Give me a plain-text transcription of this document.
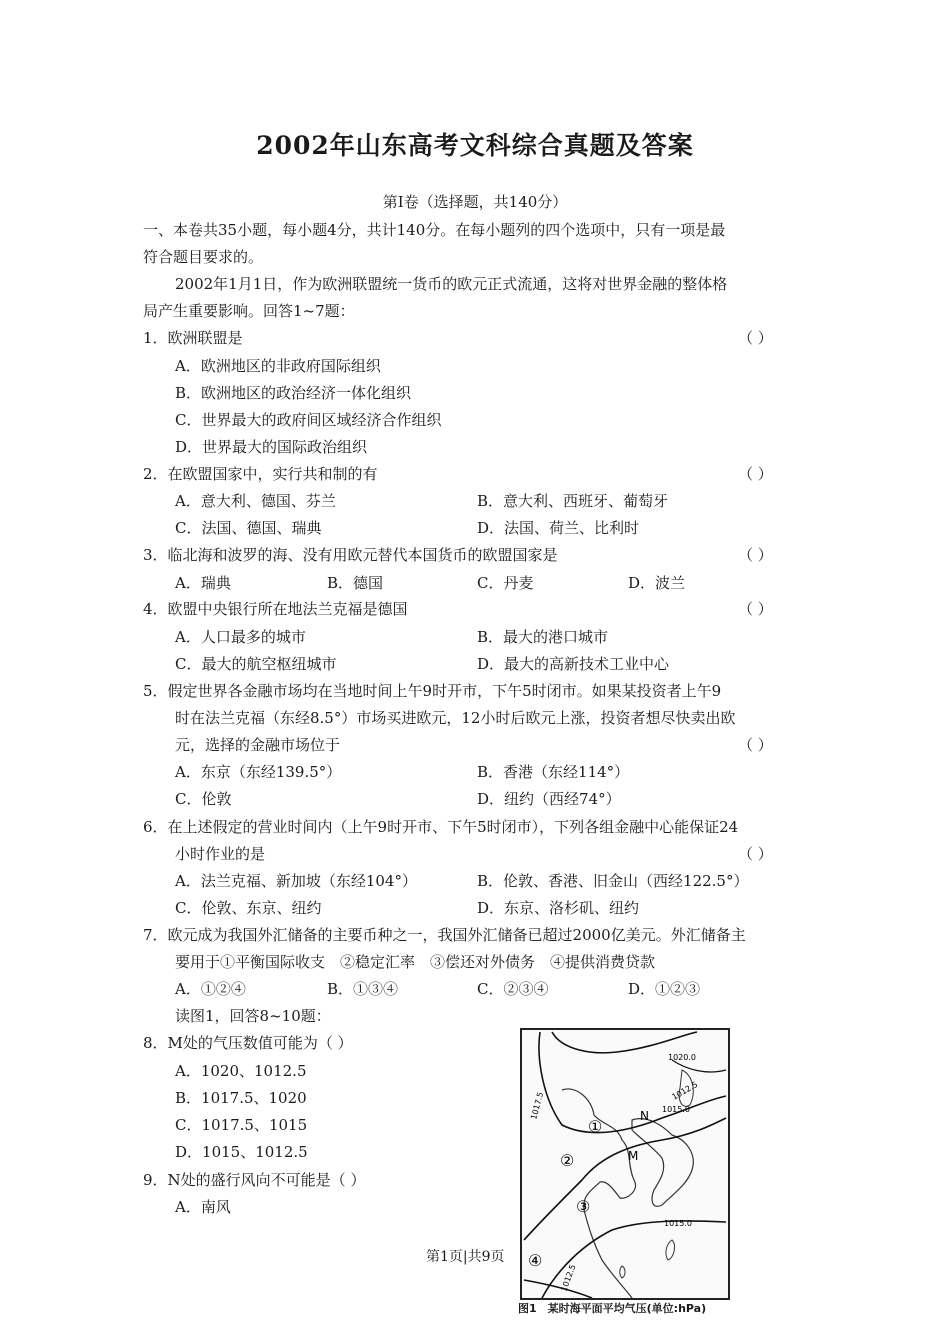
2002年山东高考文科综合真题及答案
第Ⅰ卷（选择题，共140分）
一、本卷共35小题，每小题4分，共计140分。在每小题列的四个选项中，只有一项是最
符合题目要求的。
2002年1月1日，作为欧洲联盟统一货币的欧元正式流通，这将对世界金融的整体格
局产生重要影响。回答1~7题：
1．欧洲联盟是	（ ）
A．欧洲地区的非政府国际组织
B．欧洲地区的政治经济一体化组织
C．世界最大的政府间区域经济合作组织
D．世界最大的国际政治组织
2．在欧盟国家中，实行共和制的有	（ ）
A．意大利、德国、芬兰	B．意大利、西班牙、葡萄牙
C．法国、德国、瑞典	D．法国、荷兰、比利时
3．临北海和波罗的海、没有用欧元替代本国货币的欧盟国家是	（ ）
A．瑞典	B．德国	C．丹麦	D．波兰
4．欧盟中央银行所在地法兰克福是德国	（ ）
A．人口最多的城市	B．最大的港口城市
C．最大的航空枢纽城市	D．最大的高新技术工业中心
5．假定世界各金融市场均在当地时间上午9时开市，下午5时闭市。如果某投资者上午9
时在法兰克福（东经8.5°）市场买进欧元，12小时后欧元上涨，投资者想尽快卖出欧
元，选择的金融市场位于	（ ）
A．东京（东经139.5°）	B．香港（东经114°）
C．伦敦	D．纽约（西经74°）
6．在上述假定的营业时间内（上午9时开市、下午5时闭市），下列各组金融中心能保证24
小时作业的是	（ ）
A．法兰克福、新加坡（东经104°）	B．伦敦、香港、旧金山（西经122.5°）
C．伦敦、东京、纽约	D．东京、洛杉矶、纽约
7．欧元成为我国外汇储备的主要币种之一，我国外汇储备已超过2000亿美元。外汇储备主
要用于①平衡国际收支　②稳定汇率　③偿还对外债务　④提供消费贷款
A．①②④	B．①③④	C．②③④	D．①②③
读图1，回答8~10题：
8．M处的气压数值可能为（ ）
A．1020、1012.5
B．1017.5、1020
C．1017.5、1015
D．1015、1012.5
9．N处的盛行风向不可能是（ ）
A．南风
1020.0
1017.5
1012.5
1015.0
1015.0
1012.5
①
②
③
④
N
M
图1　某时海平面平均气压(单位:hPa)
第1页|共9页
